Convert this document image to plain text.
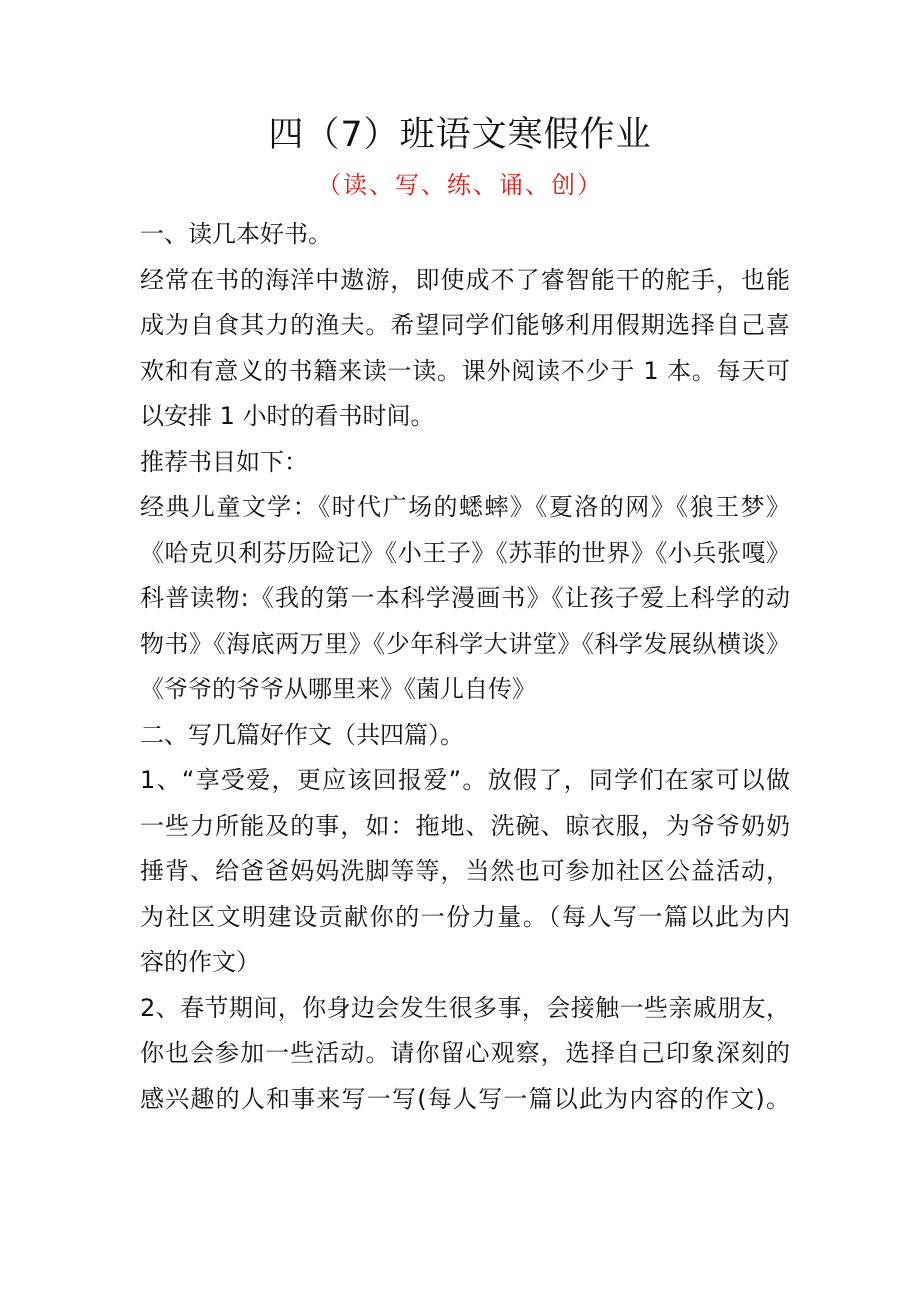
四（7）班语文寒假作业
（读、写、练、诵、创）
一、读几本好书。
经常在书的海洋中遨游，即使成不了睿智能干的舵手，也能
成为自食其力的渔夫。希望同学们能够利用假期选择自己喜
欢和有意义的书籍来读一读。课外阅读不少于 1 本。每天可
以安排 1 小时的看书时间。
推荐书目如下：
经典儿童文学：《时代广场的蟋蟀》《夏洛的网》《狼王梦》
《哈克贝利芬历险记》《小王子》《苏菲的世界》《小兵张嘎》
科普读物:《我的第一本科学漫画书》《让孩子爱上科学的动
物书》《海底两万里》《少年科学大讲堂》《科学发展纵横谈》
《爷爷的爷爷从哪里来》《菌儿自传》
二、写几篇好作文（共四篇）。
1、“享受爱，更应该回报爱”。放假了，同学们在家可以做
一些力所能及的事，如：拖地、洗碗、晾衣服，为爷爷奶奶
捶背、给爸爸妈妈洗脚等等，当然也可参加社区公益活动，
为社区文明建设贡献你的一份力量。（每人写一篇以此为内
容的作文）
2、春节期间，你身边会发生很多事，会接触一些亲戚朋友，
你也会参加一些活动。请你留心观察，选择自己印象深刻的
感兴趣的人和事来写一写(每人写一篇以此为内容的作文)。
